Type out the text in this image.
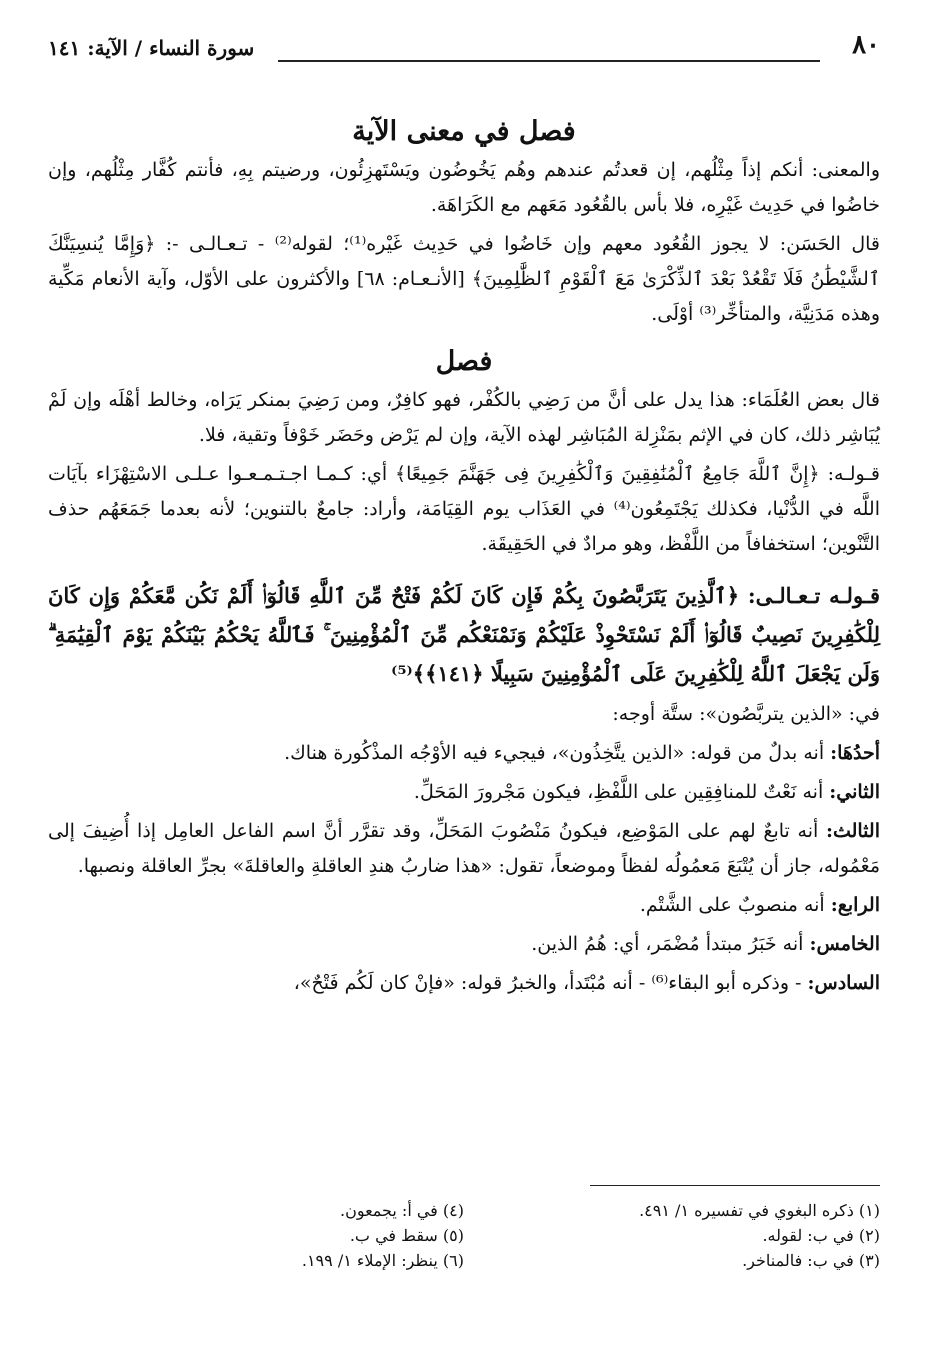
٨٠
سورة النساء / الآية: ١٤١
فصل في معنى الآية

والمعنى: أنكم إذاً مِثْلُهم، إن قعدتُم عندهم وهُم يَخُوضُون ويَسْتَهزِئُون، ورضيتم بِهِ، فأنتم كُفَّار مِثْلُهم، وإن خاضُوا في حَدِيث غَيْرِه، فلا بأس بالقُعُود مَعَهم مع الكَرَاهَة.

قال الحَسَن: لا يجوز القُعُود معهم وإن خَاضُوا في حَدِيث غَيْره⁽¹⁾؛ لقوله⁽²⁾ - تـعـالـى -: ﴿وَإِمَّا يُنسِيَنَّكَ ٱلشَّيْطَٰنُ فَلَا تَقْعُدْ بَعْدَ ٱلذِّكْرَىٰ مَعَ ٱلْقَوْمِ ٱلظَّٰلِمِينَ﴾ [الأنـعـام: ٦٨] والأكثرون على الأوّل، وآية الأنعام مَكِّية وهذه مَدَنِيَّة، والمتأخِّر⁽³⁾ أوْلَى.

فصل

قال بعض العُلَمَاء: هذا يدل على أنَّ من رَضِي بالكُفْر، فهو كافِرٌ، ومن رَضِيَ بمنكر يَرَاه، وخالط أهْلَه وإن لَمْ يُبَاشِر ذلك، كان في الإثم بمَنْزِلة المُبَاشِر لهذه الآية، وإن لم يَرْض وحَضَر خَوْفاً وتقية، فلا.

قـولـه: ﴿إِنَّ ٱللَّهَ جَامِعُ ٱلْمُنَٰفِقِينَ وَٱلْكَٰفِرِينَ فِى جَهَنَّمَ جَمِيعًا﴾ أي: كـمـا اجـتـمـعـوا عـلـى الاسْتِهْزَاء بآيَات اللَّه في الدُّنْيا، فكذلك يَجْتَمِعُون⁽⁴⁾ في العَذَاب يوم القِيَامَة، وأراد: جامعٌ بالتنوين؛ لأنه بعدما جَمَعَهُم حذف التَّنْوين؛ استخفافاً من اللَّفْظ، وهو مرادٌ في الحَقِيقَة.

قـولـه تـعـالـى: ﴿ٱلَّذِينَ يَتَرَبَّصُونَ بِكُمْ فَإِن كَانَ لَكُمْ فَتْحٌ مِّنَ ٱللَّهِ قَالُوٓا۟ أَلَمْ نَكُن مَّعَكُمْ وَإِن كَانَ لِلْكَٰفِرِينَ نَصِيبٌ قَالُوٓا۟ أَلَمْ نَسْتَحْوِذْ عَلَيْكُمْ وَنَمْنَعْكُم مِّنَ ٱلْمُؤْمِنِينَ ۚ فَٱللَّهُ يَحْكُمُ بَيْنَكُمْ يَوْمَ ٱلْقِيَٰمَةِ ۗ وَلَن يَجْعَلَ ٱللَّهُ لِلْكَٰفِرِينَ عَلَى ٱلْمُؤْمِنِينَ سَبِيلًا ﴿١٤١﴾﴾⁽⁵⁾

في: «الذين يتربَّصُون»: ستَّة أوجه:

أحدُهَا: أنه بدلٌ من قوله: «الذين يتَّخِذُون»، فيجيء فيه الأوْجُه المذْكُورة هناك.

الثاني: أنه نَعْتٌ للمنافِقِين على اللَّفْظِ، فيكون مَجْرورَ المَحَلِّ.

الثالث: أنه تابعٌ لهم على المَوْضِع، فيكونُ مَنْصُوبَ المَحَلِّ، وقد تقرَّر أنَّ اسم الفاعل العامِل إذا أُضِيفَ إلى مَعْمُوله، جاز أن يُتْبَعَ مَعمُولُه لفظاً وموضعاً، تقول: «هذا ضاربُ هندِ العاقلةِ والعاقلةَ» بجرِّ العاقلة ونصبها.

الرابع: أنه منصوبٌ على الشَّتْم.

الخامس: أنه خَبَرُ مبتدأ مُضْمَر، أي: هُمُ الذين.

السادس: - وذكره أبو البقاء⁽⁶⁾ - أنه مُبْتَدأ، والخبرُ قوله: «فإنْ كان لَكُم فَتْحٌ»،

(١) ذكره البغوي في تفسيره ١/ ٤٩١.
(٢) في ب: لقوله.
(٣) في ب: فالمناخر.
(٤) في أ: يجمعون.
(٥) سقط في ب.
(٦) ينظر: الإملاء ١/ ١٩٩.
